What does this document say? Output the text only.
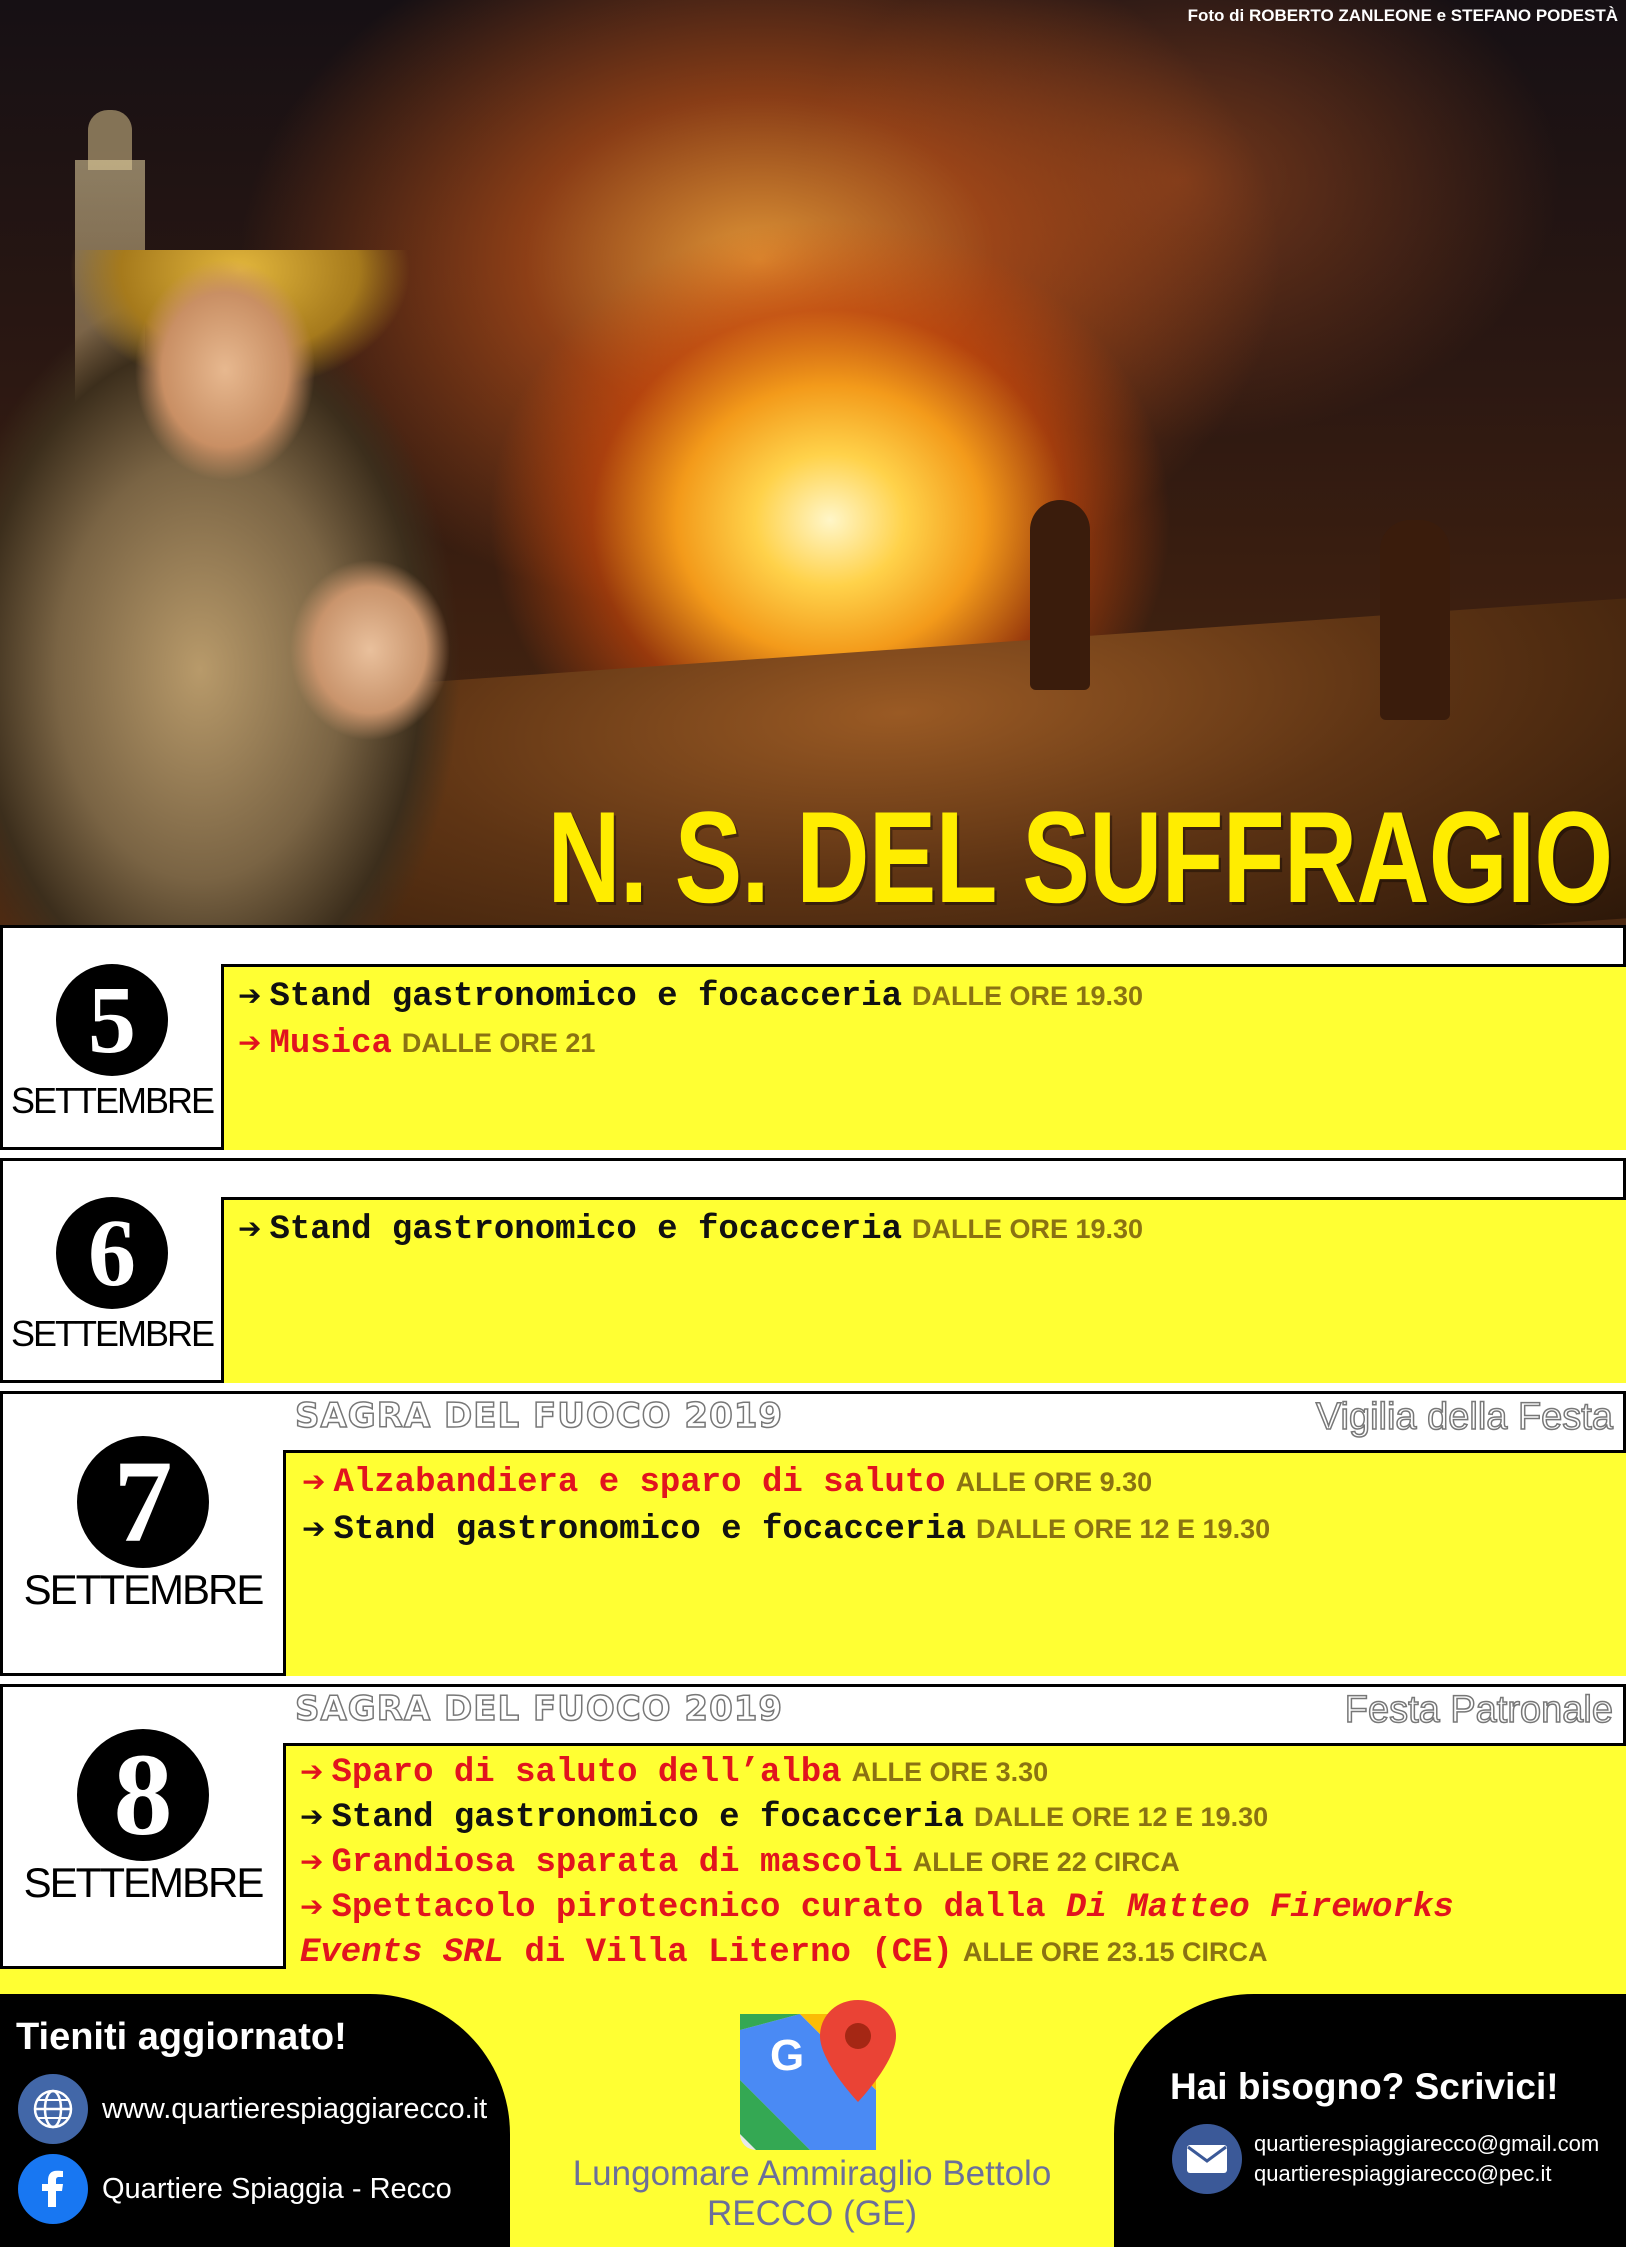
Foto di ROBERTO ZANLEONE e STEFANO PODESTÀ
N. S. DEL SUFFRAGIO
5
SETTEMBRE
➔ Stand gastronomico e focacceria DALLE ORE 19.30
➔ Musica DALLE ORE 21
6
SETTEMBRE
➔ Stand gastronomico e focacceria DALLE ORE 19.30
7
SETTEMBRE
SAGRA DEL FUOCO 2019	Vigilia della Festa
➔ Alzabandiera e sparo di saluto ALLE ORE 9.30
➔ Stand gastronomico e focacceria DALLE ORE 12 E 19.30
8
SETTEMBRE
SAGRA DEL FUOCO 2019	Festa Patronale
➔ Sparo di saluto dell’alba ALLE ORE 3.30
➔ Stand gastronomico e focacceria DALLE ORE 12 E 19.30
➔ Grandiosa sparata di mascoli ALLE ORE 22 CIRCA
➔ Spettacolo pirotecnico curato dalla Di Matteo Fireworks Events SRL di Villa Literno (CE) ALLE ORE 23.15 CIRCA
Tieniti aggiornato!
www.quartierespiaggiarecco.it
Quartiere Spiaggia - Recco
G
Lungomare Ammiraglio Bettolo
RECCO (GE)
Hai bisogno? Scrivici!
quartierespiaggiarecco@gmail.com
quartierespiaggiarecco@pec.it
